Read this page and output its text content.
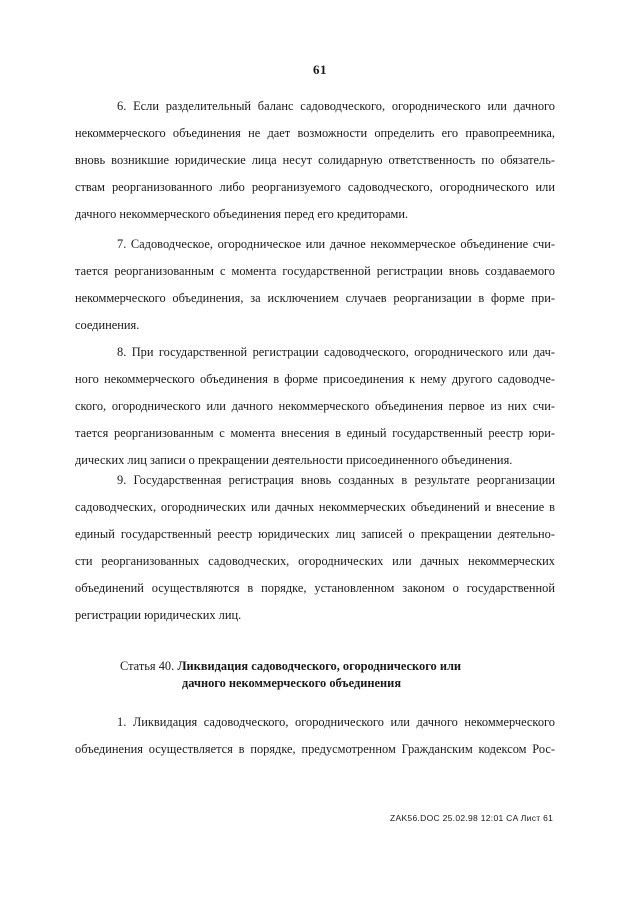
61
6. Если разделительный баланс садоводческого, огороднического или дачного
некоммерческого объединения не дает возможности определить его правопреемника,
вновь возникшие юридические лица несут солидарную ответственность по обязатель-
ствам реорганизованного либо реорганизуемого садоводческого, огороднического или
дачного некоммерческого объединения перед его кредиторами.
7. Садоводческое, огородническое или дачное некоммерческое объединение счи-
тается реорганизованным с момента государственной регистрации вновь создаваемого
некоммерческого объединения, за исключением случаев реорганизации в форме при-
соединения.
8. При государственной регистрации садоводческого, огороднического или дач-
ного некоммерческого объединения в форме присоединения к нему другого садоводче-
ского, огороднического или дачного некоммерческого объединения первое из них счи-
тается реорганизованным с момента внесения в единый государственный реестр юри-
дических лиц записи о прекращении деятельности присоединенного объединения.
9. Государственная регистрация вновь созданных в результате реорганизации
садоводческих, огороднических или дачных некоммерческих объединений и внесение в
единый государственный реестр юридических лиц записей о прекращении деятельно-
сти реорганизованных садоводческих, огороднических или дачных некоммерческих
объединений осуществляются в порядке, установленном законом о государственной
регистрации юридических лиц.
Статья 40. Ликвидация садоводческого, огороднического или
дачного некоммерческого объединения
1. Ликвидация садоводческого, огороднического или дачного некоммерческого
объединения осуществляется в порядке, предусмотренном Гражданским кодексом Рос-
ZAK56.DOC 25.02.98 12:01 CA Лист 61
